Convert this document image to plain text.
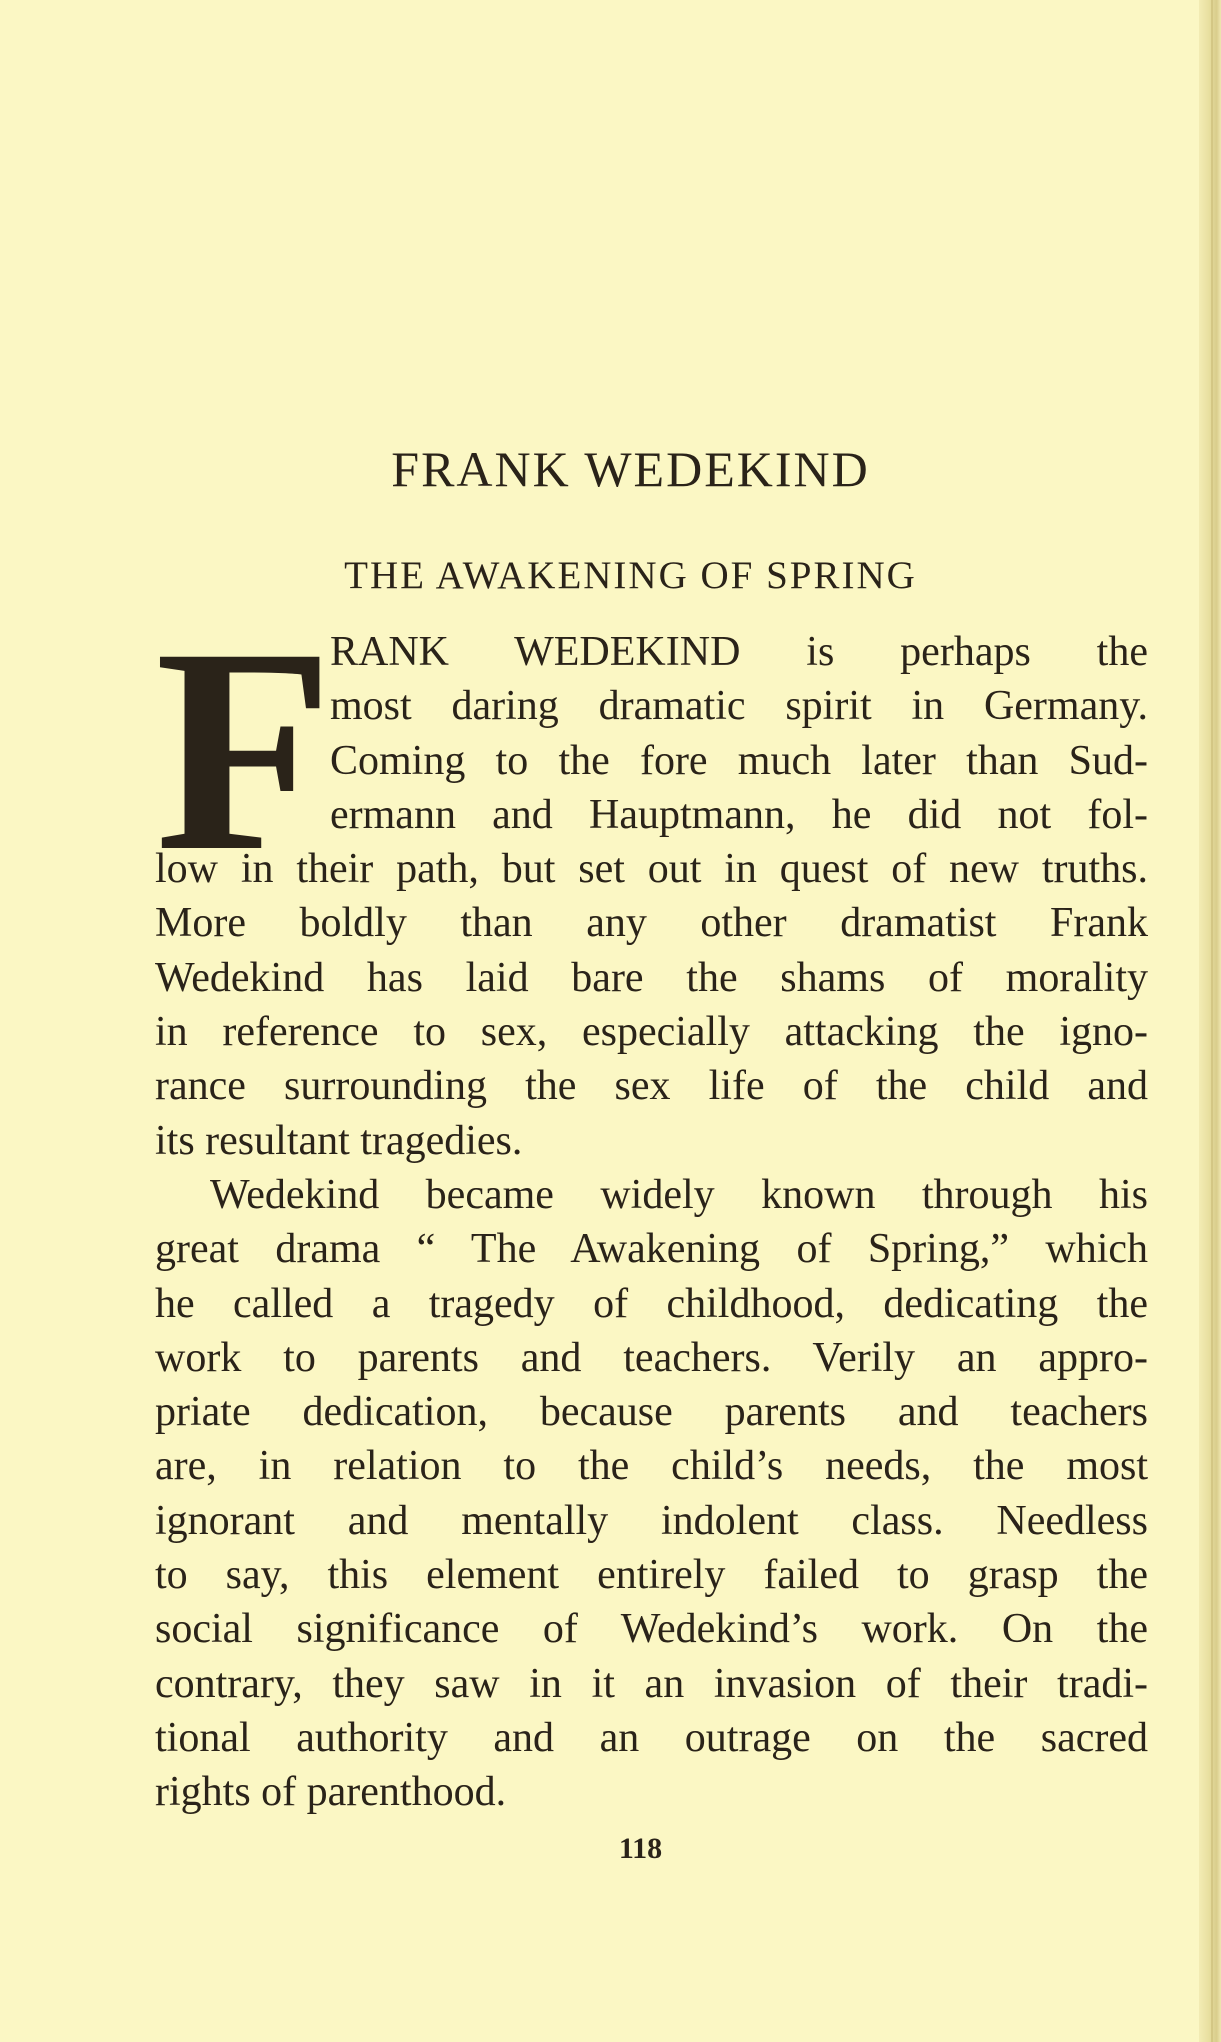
FRANK WEDEKIND
THE AWAKENING OF SPRING
F
RANK WEDEKIND is perhaps the
most daring dramatic spirit in Germany.
Coming to the fore much later than Sud-
ermann and Hauptmann, he did not fol-
low in their path, but set out in quest of new truths.
More boldly than any other dramatist Frank
Wedekind has laid bare the shams of morality
in reference to sex, especially attacking the igno-
rance surrounding the sex life of the child and
its resultant tragedies.
Wedekind became widely known through his
great drama “ The Awakening of Spring,” which
he called a tragedy of childhood, dedicating the
work to parents and teachers. Verily an appro-
priate dedication, because parents and teachers
are, in relation to the child’s needs, the most
ignorant and mentally indolent class. Needless
to say, this element entirely failed to grasp the
social significance of Wedekind’s work. On the
contrary, they saw in it an invasion of their tradi-
tional authority and an outrage on the sacred
rights of parenthood.
118
